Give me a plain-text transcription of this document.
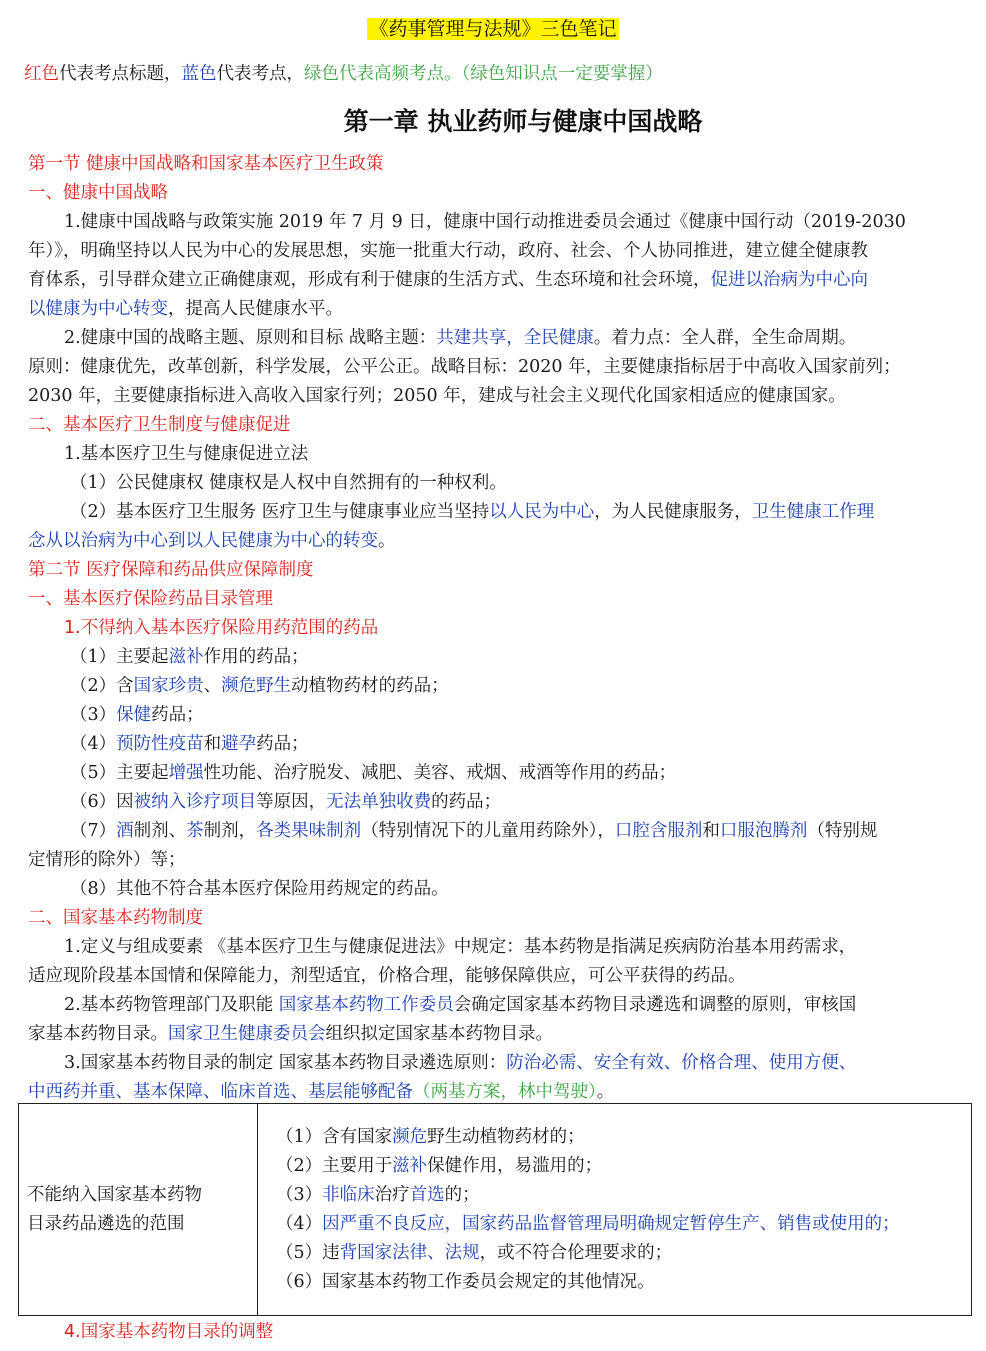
《药事管理与法规》三色笔记
红色代表考点标题，蓝色代表考点，绿色代表高频考点。（绿色知识点一定要掌握）
第一章 执业药师与健康中国战略
第一节 健康中国战略和国家基本医疗卫生政策
一、健康中国战略
1.健康中国战略与政策实施 2019 年 7 月 9 日，健康中国行动推进委员会通过《健康中国行动（2019-2030
年）》，明确坚持以人民为中心的发展思想，实施一批重大行动，政府、社会、个人协同推进，建立健全健康教
育体系，引导群众建立正确健康观，形成有利于健康的生活方式、生态环境和社会环境，促进以治病为中心向
以健康为中心转变，提高人民健康水平。
2.健康中国的战略主题、原则和目标 战略主题：共建共享，全民健康。着力点：全人群，全生命周期。
原则：健康优先，改革创新，科学发展，公平公正。战略目标：2020 年，主要健康指标居于中高收入国家前列；
2030 年，主要健康指标进入高收入国家行列；2050 年，建成与社会主义现代化国家相适应的健康国家。
二、基本医疗卫生制度与健康促进
1.基本医疗卫生与健康促进立法
（1）公民健康权 健康权是人权中自然拥有的一种权利。
（2）基本医疗卫生服务 医疗卫生与健康事业应当坚持以人民为中心，为人民健康服务，卫生健康工作理
念从以治病为中心到以人民健康为中心的转变。
第二节 医疗保障和药品供应保障制度
一、基本医疗保险药品目录管理
1.不得纳入基本医疗保险用药范围的药品
（1）主要起滋补作用的药品；
（2）含国家珍贵、濒危野生动植物药材的药品；
（3）保健药品；
（4）预防性疫苗和避孕药品；
（5）主要起增强性功能、治疗脱发、减肥、美容、戒烟、戒酒等作用的药品；
（6）因被纳入诊疗项目等原因，无法单独收费的药品；
（7）酒制剂、茶制剂，各类果味制剂（特别情况下的儿童用药除外），口腔含服剂和口服泡腾剂（特别规
定情形的除外）等；
（8）其他不符合基本医疗保险用药规定的药品。
二、国家基本药物制度
1.定义与组成要素 《基本医疗卫生与健康促进法》中规定：基本药物是指满足疾病防治基本用药需求，
适应现阶段基本国情和保障能力，剂型适宜，价格合理，能够保障供应，可公平获得的药品。
2.基本药物管理部门及职能 国家基本药物工作委员会确定国家基本药物目录遴选和调整的原则，审核国
家基本药物目录。国家卫生健康委员会组织拟定国家基本药物目录。
3.国家基本药物目录的制定 国家基本药物目录遴选原则：防治必需、安全有效、价格合理、使用方便、
中西药并重、基本保障、临床首选、基层能够配备（两基方案，林中驾驶）。
不能纳入国家基本药物
目录药品遴选的范围

（1）含有国家濒危野生动植物药材的；
（2）主要用于滋补保健作用，易滥用的；
（3）非临床治疗首选的；
（4）因严重不良反应，国家药品监督管理局明确规定暂停生产、销售或使用的；
（5）违背国家法律、法规，或不符合伦理要求的；
（6）国家基本药物工作委员会规定的其他情况。
4.国家基本药物目录的调整
